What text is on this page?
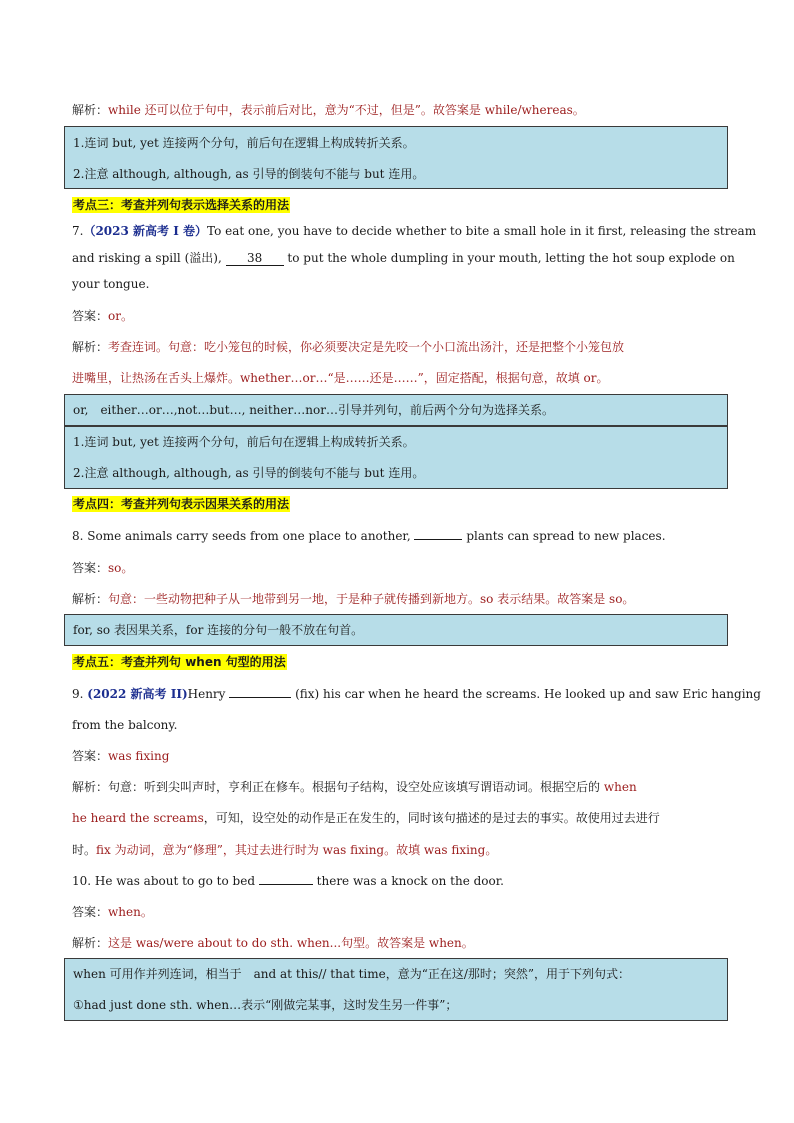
解析：while 还可以位于句中，表示前后对比，意为“不过，但是”。故答案是 while/whereas。
1.连词 but, yet 连接两个分句，前后句在逻辑上构成转折关系。
2.注意 although, although, as 引导的倒装句不能与 but 连用。
考点三：考查并列句表示选择关系的用法
7.（2023 新高考 I 卷）To eat one, you have to decide whether to bite a small hole in it first, releasing the stream
and risking a spill (溢出), 38 to put the whole dumpling in your mouth, letting the hot soup explode on
your tongue.
答案：or。
解析：考查连词。句意：吃小笼包的时候，你必须要决定是先咬一个小口流出汤汁，还是把整个小笼包放
进嘴里，让热汤在舌头上爆炸。whether…or…“是……还是……”，固定搭配，根据句意，故填 or。
or,　either…or…,not…but…, neither…nor…引导并列句，前后两个分句为选择关系。
1.连词 but, yet 连接两个分句，前后句在逻辑上构成转折关系。
2.注意 although, although, as 引导的倒装句不能与 but 连用。
考点四：考查并列句表示因果关系的用法
8. Some animals carry seeds from one place to another,	plants can spread to new places.
答案：so。
解析：句意：一些动物把种子从一地带到另一地，于是种子就传播到新地方。so 表示结果。故答案是 so。
for, so 表因果关系，for 连接的分句一般不放在句首。
考点五：考查并列句 when 句型的用法
9. (2022 新高考 II)Henry	(fix) his car when he heard the screams. He looked up and saw Eric hanging
from the balcony.
答案：was fixing
解析：句意：听到尖叫声时，亨利正在修车。根据句子结构，设空处应该填写谓语动词。根据空后的 when
he heard the screams，可知，设空处的动作是正在发生的，同时该句描述的是过去的事实。故使用过去进行
时。fix 为动词，意为“修理”，其过去进行时为 was fixing。故填 was fixing。
10. He was about to go to bed	there was a knock on the door.
答案：when。
解析：这是 was/were about to do sth. when...句型。故答案是 when。
when 可用作并列连词，相当于　and at this// that time，意为“正在这/那时；突然”，用于下列句式：
①had just done sth. when…表示“刚做完某事，这时发生另一件事”；
